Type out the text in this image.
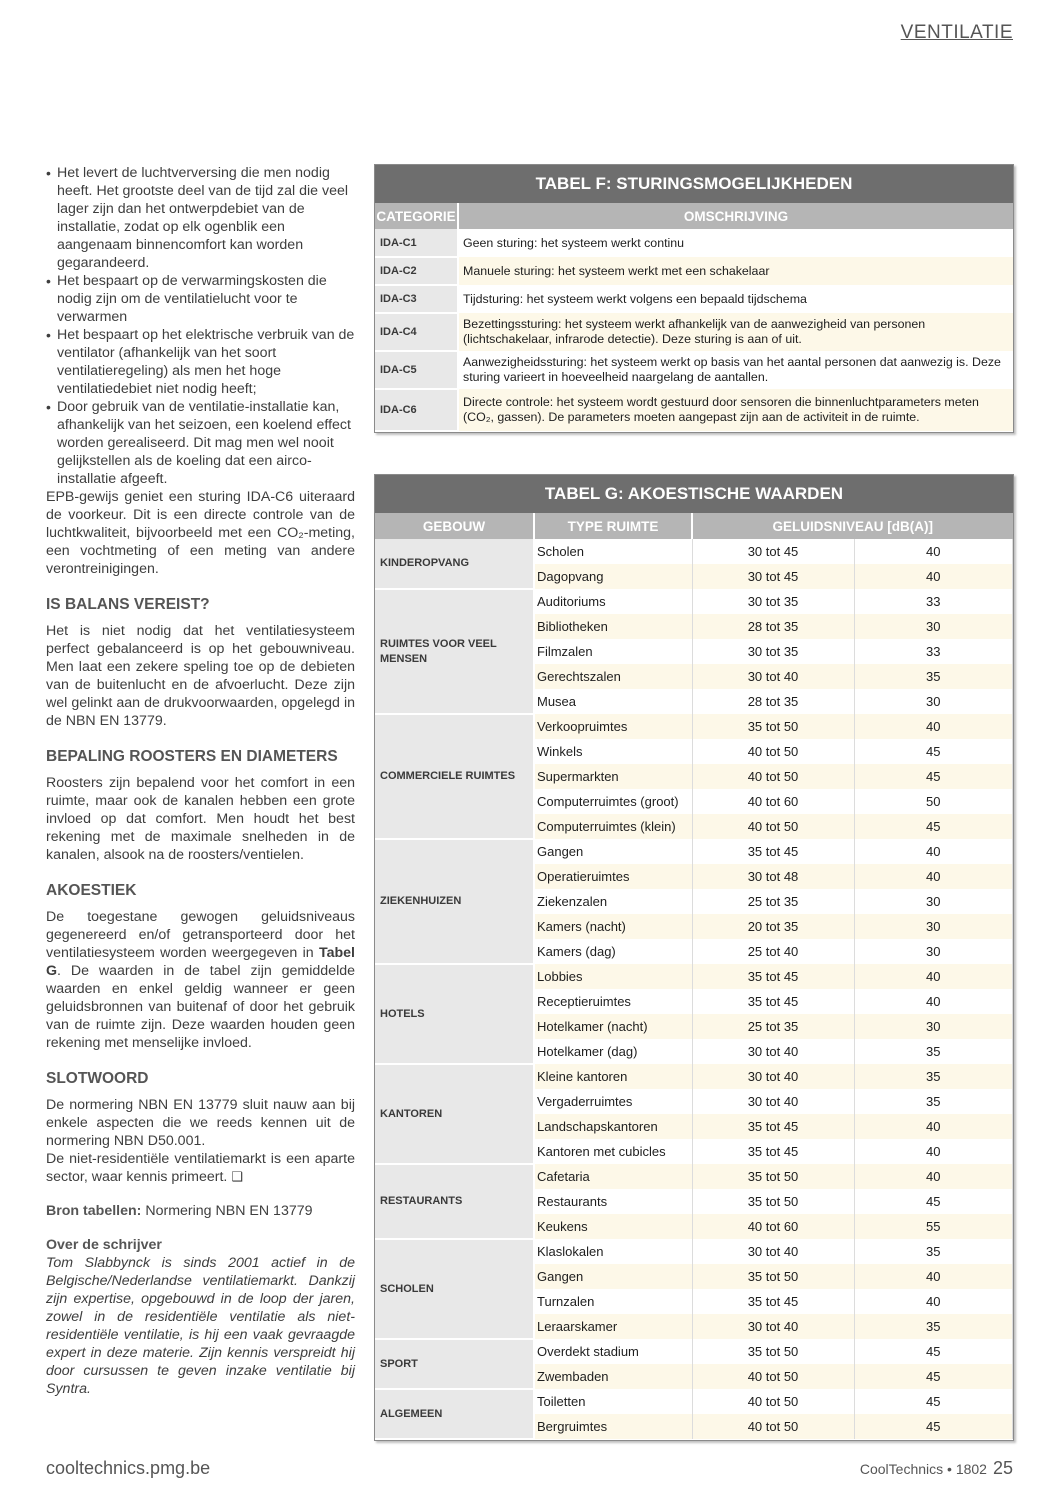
VENTILATIE
• Het levert de luchtverversing die men nodig heeft. Het grootste deel van de tijd zal die veel lager zijn dan het ontwerpdebiet van de installatie, zodat op elk ogenblik een aangenaam binnencomfort kan worden gegarandeerd.
• Het bespaart op de verwarmingskosten die nodig zijn om de ventilatielucht voor te verwarmen
• Het bespaart op het elektrische verbruik van de ventilator (afhankelijk van het soort ventilatieregeling) als men het hoge ventilatiedebiet niet nodig heeft;
• Door gebruik van de ventilatie-installatie kan, afhankelijk van het seizoen, een koelend effect worden gerealiseerd. Dit mag men wel nooit gelijkstellen als de koeling dat een airco-installatie afgeeft.

EPB-gewijs geniet een sturing IDA-C6 uiteraard de voorkeur. Dit is een directe controle van de luchtkwaliteit, bijvoorbeeld met een CO₂-meting, een vochtmeting of een meting van andere verontreinigingen.

IS BALANS VEREIST?

Het is niet nodig dat het ventilatiesysteem perfect gebalanceerd is op het gebouwniveau. Men laat een zekere speling toe op de debieten van de buitenlucht en de afvoerlucht. Deze zijn wel gelinkt aan de drukvoorwaarden, opgelegd in de NBN EN 13779.

BEPALING ROOSTERS EN DIAMETERS

Roosters zijn bepalend voor het comfort in een ruimte, maar ook de kanalen hebben een grote invloed op dat comfort. Men houdt het best rekening met de maximale snelheden in de kanalen, alsook na de roosters/ventielen.

AKOESTIEK

De toegestane gewogen geluidsniveaus gegenereerd en/of getransporteerd door het ventilatiesysteem worden weergegeven in Tabel G. De waarden in de tabel zijn gemiddelde waarden en enkel geldig wanneer er geen geluidsbronnen van buitenaf of door het gebruik van de ruimte zijn. Deze waarden houden geen rekening met menselijke invloed.

SLOTWOORD

De normering NBN EN 13779 sluit nauw aan bij enkele aspecten die we reeds kennen uit de normering NBN D50.001.

De niet-residentiële ventilatiemarkt is een aparte sector, waar kennis primeert. ❑

Bron tabellen: Normering NBN EN 13779

Over de schrijver

Tom Slabbynck is sinds 2001 actief in de Belgische/Nederlandse ventilatiemarkt. Dankzij zijn expertise, opgebouwd in de loop der jaren, zowel in de residentiële ventilatie als niet-residentiële ventilatie, is hij een vaak gevraagde expert in deze materie. Zijn kennis verspreidt hij door cursussen te geven inzake ventilatie bij Syntra.

TABEL F: STURINGSMOGELIJKHEDEN
CATEGORIE	OMSCHRIJVING
IDA-C1	Geen sturing: het systeem werkt continu
IDA-C2	Manuele sturing: het systeem werkt met een schakelaar
IDA-C3	Tijdsturing: het systeem werkt volgens een bepaald tijdschema
IDA-C4	Bezettingssturing: het systeem werkt afhankelijk van de aanwezigheid van personen (lichtschakelaar, infrarode detectie). Deze sturing is aan of uit.
IDA-C5	Aanwezigheidssturing: het systeem werkt op basis van het aantal personen dat aanwezig is. Deze sturing varieert in hoeveelheid naargelang de aantallen.
IDA-C6	Directe controle: het systeem wordt gestuurd door sensoren die binnenluchtparameters meten (CO₂, gassen). De parameters moeten aangepast zijn aan de activiteit in de ruimte.
TABEL G: AKOESTISCHE WAARDEN
GEBOUW	TYPE RUIMTE	GELUIDSNIVEAU [dB(A)]	
KINDEROPVANG	Scholen	30 tot 45	40
	Dagopvang	30 tot 45	40
RUIMTES VOOR VEEL MENSEN	Auditoriums	30 tot 35	33
	Bibliotheken	28 tot 35	30
	Filmzalen	30 tot 35	33
	Gerechtszalen	30 tot 40	35
	Musea	28 tot 35	30
COMMERCIELE RUIMTES	Verkoopruimtes	35 tot 50	40
	Winkels	40 tot 50	45
	Supermarkten	40 tot 50	45
	Computerruimtes (groot)	40 tot 60	50
	Computerruimtes (klein)	40 tot 50	45
ZIEKENHUIZEN	Gangen	35 tot 45	40
	Operatieruimtes	30 tot 48	40
	Ziekenzalen	25 tot 35	30
	Kamers (nacht)	20 tot 35	30
	Kamers (dag)	25 tot 40	30
HOTELS	Lobbies	35 tot 45	40
	Receptieruimtes	35 tot 45	40
	Hotelkamer (nacht)	25 tot 35	30
	Hotelkamer (dag)	30 tot 40	35
KANTOREN	Kleine kantoren	30 tot 40	35
	Vergaderruimtes	30 tot 40	35
	Landschapskantoren	35 tot 45	40
	Kantoren met cubicles	35 tot 45	40
RESTAURANTS	Cafetaria	35 tot 50	40
	Restaurants	35 tot 50	45
	Keukens	40 tot 60	55
SCHOLEN	Klaslokalen	30 tot 40	35
	Gangen	35 tot 50	40
	Turnzalen	35 tot 45	40
	Leraarskamer	30 tot 40	35
SPORT	Overdekt stadium	35 tot 50	45
	Zwembaden	40 tot 50	45
ALGEMEEN	Toiletten	40 tot 50	45
	Bergruimtes	40 tot 50	45
cooltechnics.pmg.be	CoolTechnics • 1802 25
